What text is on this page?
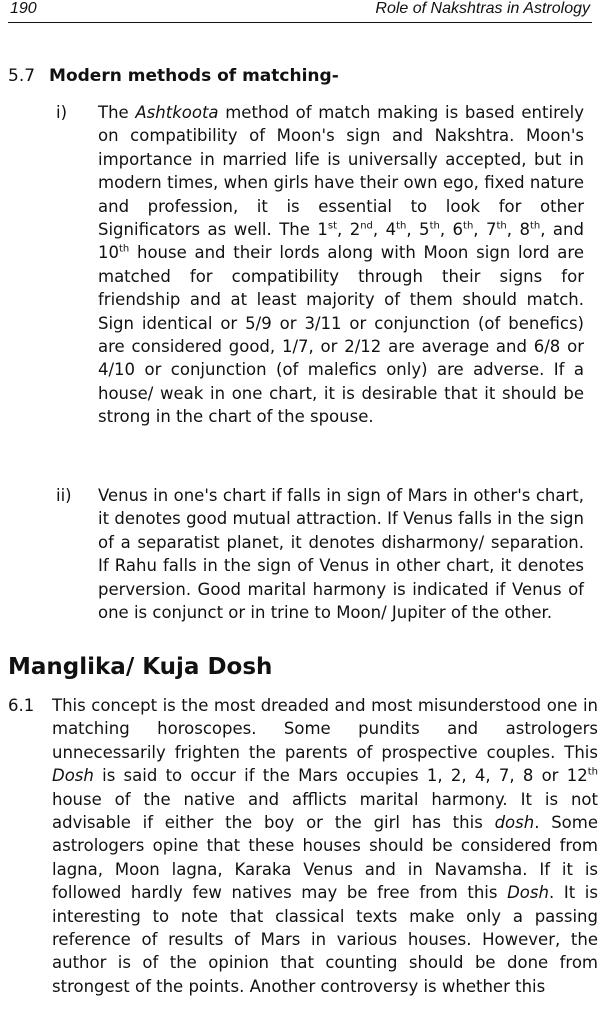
190	Role of Nakshtras in Astrology
5.7 Modern methods of matching-
i) The Ashtkoota method of match making is based entirely on compatibility of Moon's sign and Nakshtra. Moon's importance in married life is universally accepted, but in modern times, when girls have their own ego, fixed nature and profession, it is essential to look for other Significators as well. The 1st, 2nd, 4th, 5th, 6th, 7th, 8th, and 10th house and their lords along with Moon sign lord are matched for compatibility through their signs for friendship and at least majority of them should match. Sign identical or 5/9 or 3/11 or conjunction (of benefics) are considered good, 1/7, or 2/12 are average and 6/8 or 4/10 or conjunction (of malefics only) are adverse. If a house/ weak in one chart, it is desirable that it should be strong in the chart of the spouse.
ii) Venus in one's chart if falls in sign of Mars in other's chart, it denotes good mutual attraction. If Venus falls in the sign of a separatist planet, it denotes disharmony/ separation. If Rahu falls in the sign of Venus in other chart, it denotes perversion. Good marital harmony is indicated if Venus of one is conjunct or in trine to Moon/ Jupiter of the other.
Manglika/ Kuja Dosh
6.1 This concept is the most dreaded and most misunderstood one in matching horoscopes. Some pundits and astrologers unnecessarily frighten the parents of prospective couples. This Dosh is said to occur if the Mars occupies 1, 2, 4, 7, 8 or 12th house of the native and afflicts marital harmony. It is not advisable if either the boy or the girl has this dosh. Some astrologers opine that these houses should be considered from lagna, Moon lagna, Karaka Venus and in Navamsha. If it is followed hardly few natives may be free from this Dosh. It is interesting to note that classical texts make only a passing reference of results of Mars in various houses. However, the author is of the opinion that counting should be done from strongest of the points. Another controversy is whether this
